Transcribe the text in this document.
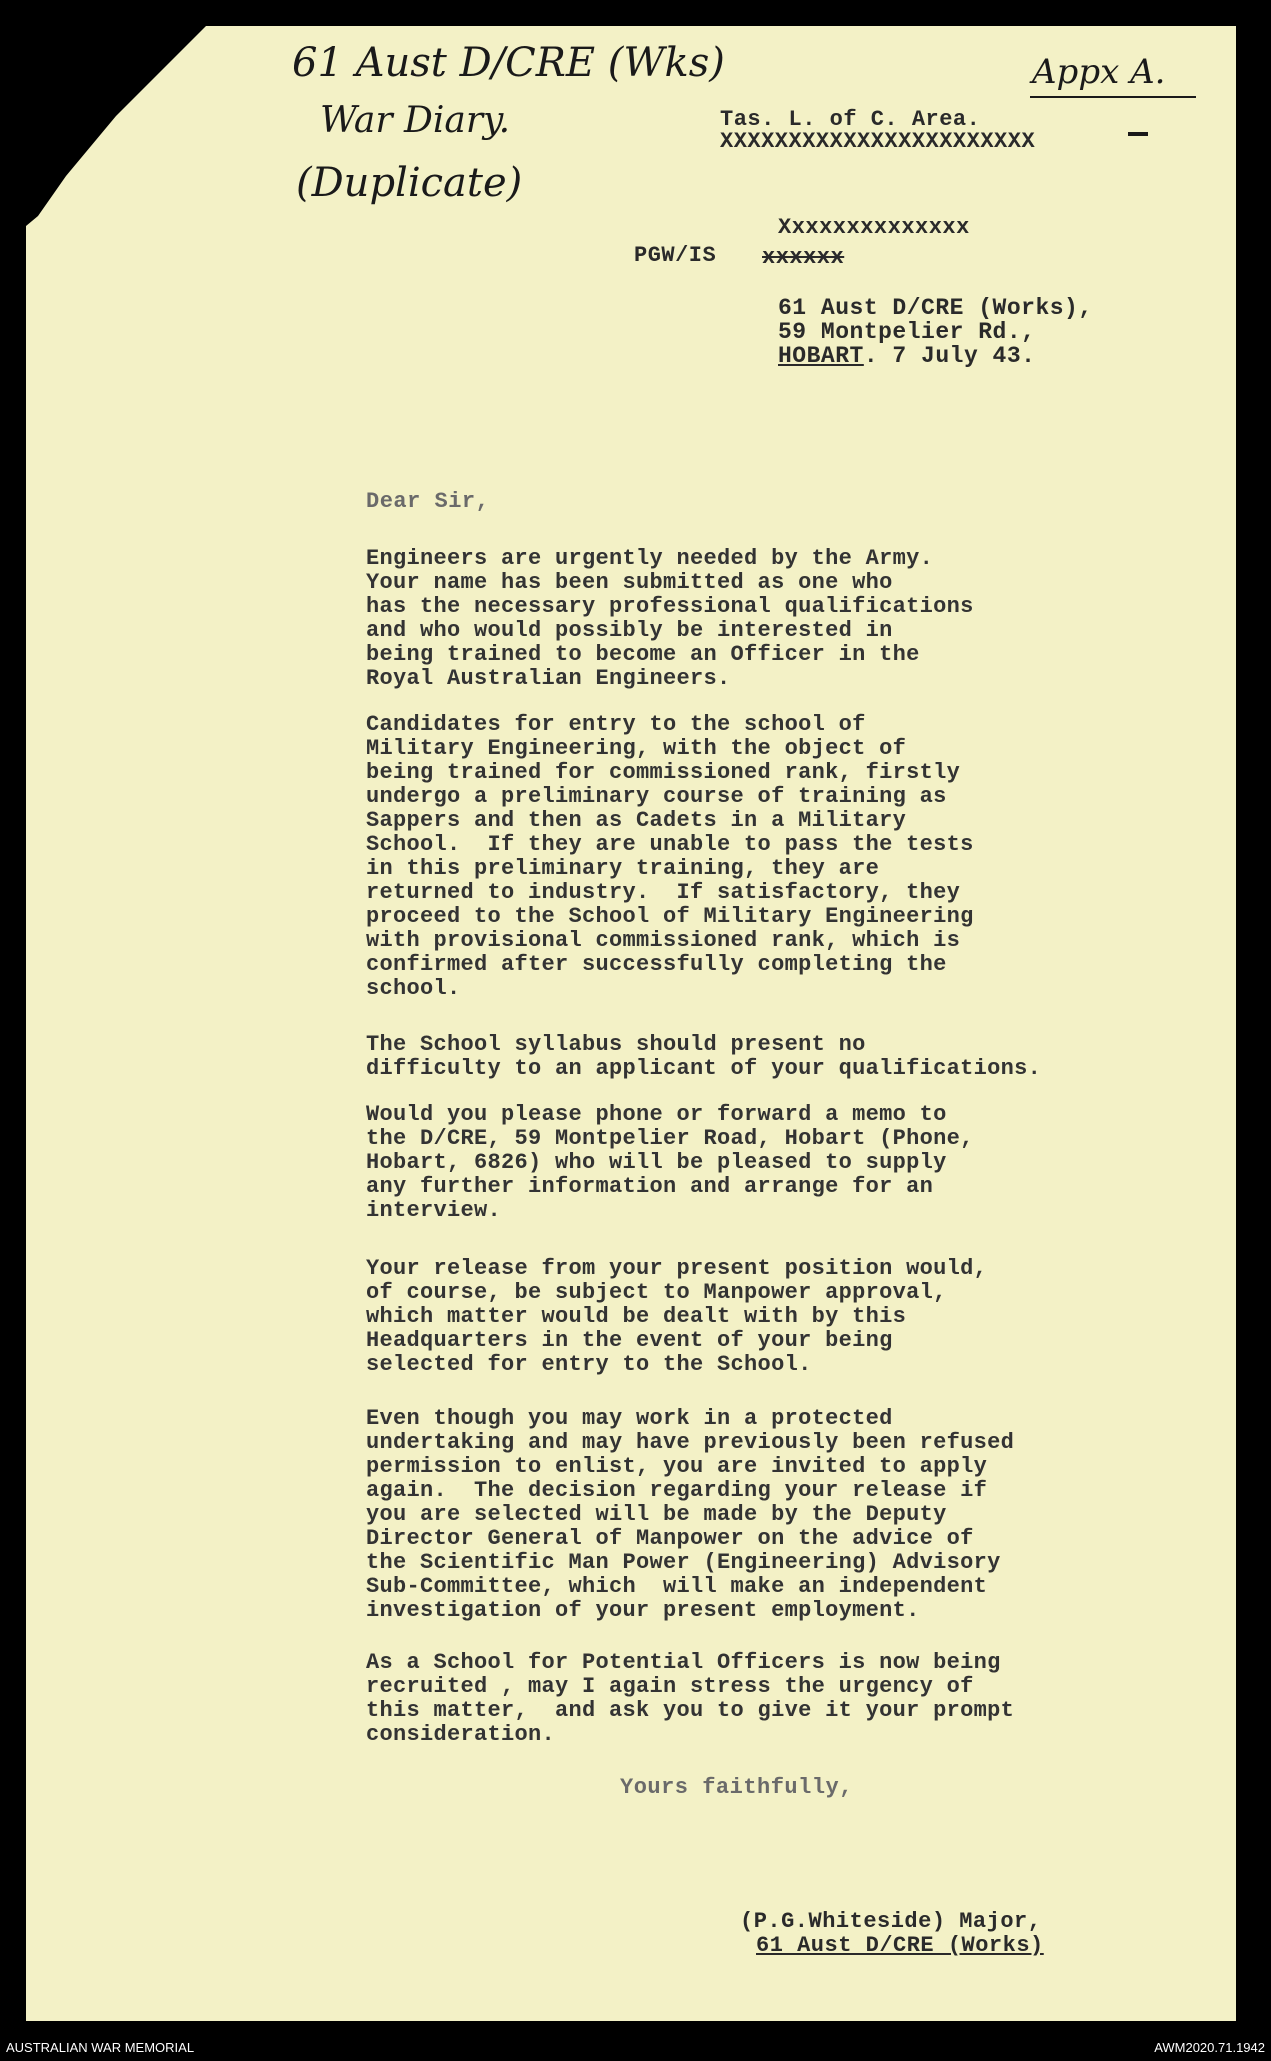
61 Aust D/CRE (Wks)
War Diary.
(Duplicate)
Appx A.
Tas. L. of C. Area.
XXXXXXXXXXXXXXXXXXXXXXX
Xxxxxxxxxxxxxx
PGW/IS xxxxxx
61 Aust D/CRE (Works),
59 Montpelier Rd.,
HOBART. 7 July 43.
Dear Sir,
Engineers are urgently needed by the Army.
Your name has been submitted as one who
has the necessary professional qualifications
and who would possibly be interested in
being trained to become an Officer in the
Royal Australian Engineers.
Candidates for entry to the school of
Military Engineering, with the object of
being trained for commissioned rank, firstly
undergo a preliminary course of training as
Sappers and then as Cadets in a Military
School.  If they are unable to pass the tests
in this preliminary training, they are
returned to industry.  If satisfactory, they
proceed to the School of Military Engineering
with provisional commissioned rank, which is
confirmed after successfully completing the
school.
The School syllabus should present no
difficulty to an applicant of your qualifications.
Would you please phone or forward a memo to
the D/CRE, 59 Montpelier Road, Hobart (Phone,
Hobart, 6826) who will be pleased to supply
any further information and arrange for an
interview.
Your release from your present position would,
of course, be subject to Manpower approval,
which matter would be dealt with by this
Headquarters in the event of your being
selected for entry to the School.
Even though you may work in a protected
undertaking and may have previously been refused
permission to enlist, you are invited to apply
again.  The decision regarding your release if
you are selected will be made by the Deputy
Director General of Manpower on the advice of
the Scientific Man Power (Engineering) Advisory
Sub-Committee, which  will make an independent
investigation of your present employment.
As a School for Potential Officers is now being
recruited , may I again stress the urgency of
this matter,  and ask you to give it your prompt
consideration.
Yours faithfully,
(P.G.Whiteside) Major,
61 Aust D/CRE (Works)
AUSTRALIAN WAR MEMORIAL	AWM2020.71.1942
